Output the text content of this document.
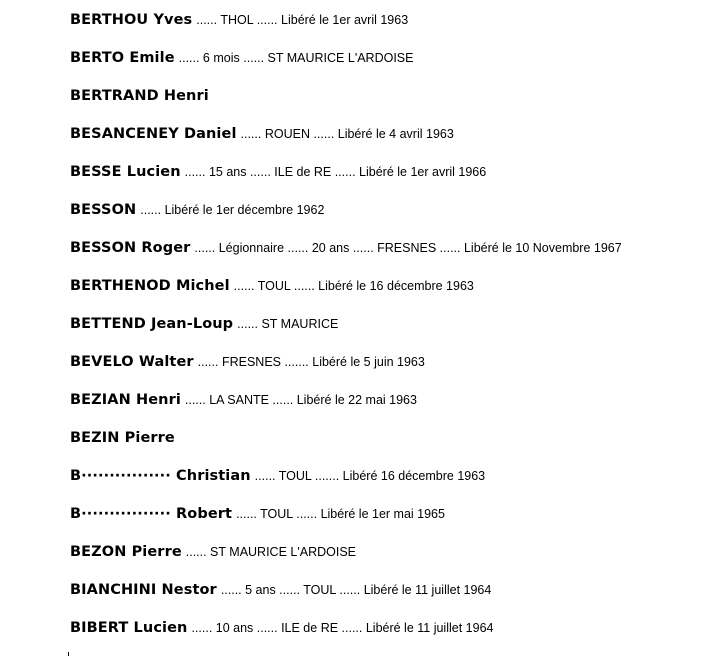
BERTHOU Yves ...... THOL ...... Libéré le 1er avril 1963
BERTO Emile ...... 6 mois ...... ST MAURICE L'ARDOISE
BERTRAND Henri
BESANCENEY Daniel ...... ROUEN ...... Libéré le 4 avril 1963
BESSE Lucien ...... 15 ans ...... ILE de RE ...... Libéré le 1er avril 1966
BESSON ...... Libéré le 1er décembre 1962
BESSON Roger ...... Légionnaire ...... 20 ans ...... FRESNES ...... Libéré le 10 Novembre 1967
BERTHENOD Michel ...... TOUL ...... Libéré le 16 décembre 1963
BETTEND Jean-Loup ...... ST MAURICE
BEVELO Walter ...... FRESNES ....... Libéré le 5 juin 1963
BEZIAN Henri ...... LA SANTE ...... Libéré le 22 mai 1963
BEZIN Pierre
B················ Christian ...... TOUL ....... Libéré 16 décembre 1963
B················ Robert ...... TOUL ...... Libéré le 1er mai 1965
BEZON Pierre ...... ST MAURICE L'ARDOISE
BIANCHINI Nestor ...... 5 ans ...... TOUL ...... Libéré le 11 juillet 1964
BIBERT Lucien ...... 10 ans ...... ILE de RE ...... Libéré le 11 juillet 1964
